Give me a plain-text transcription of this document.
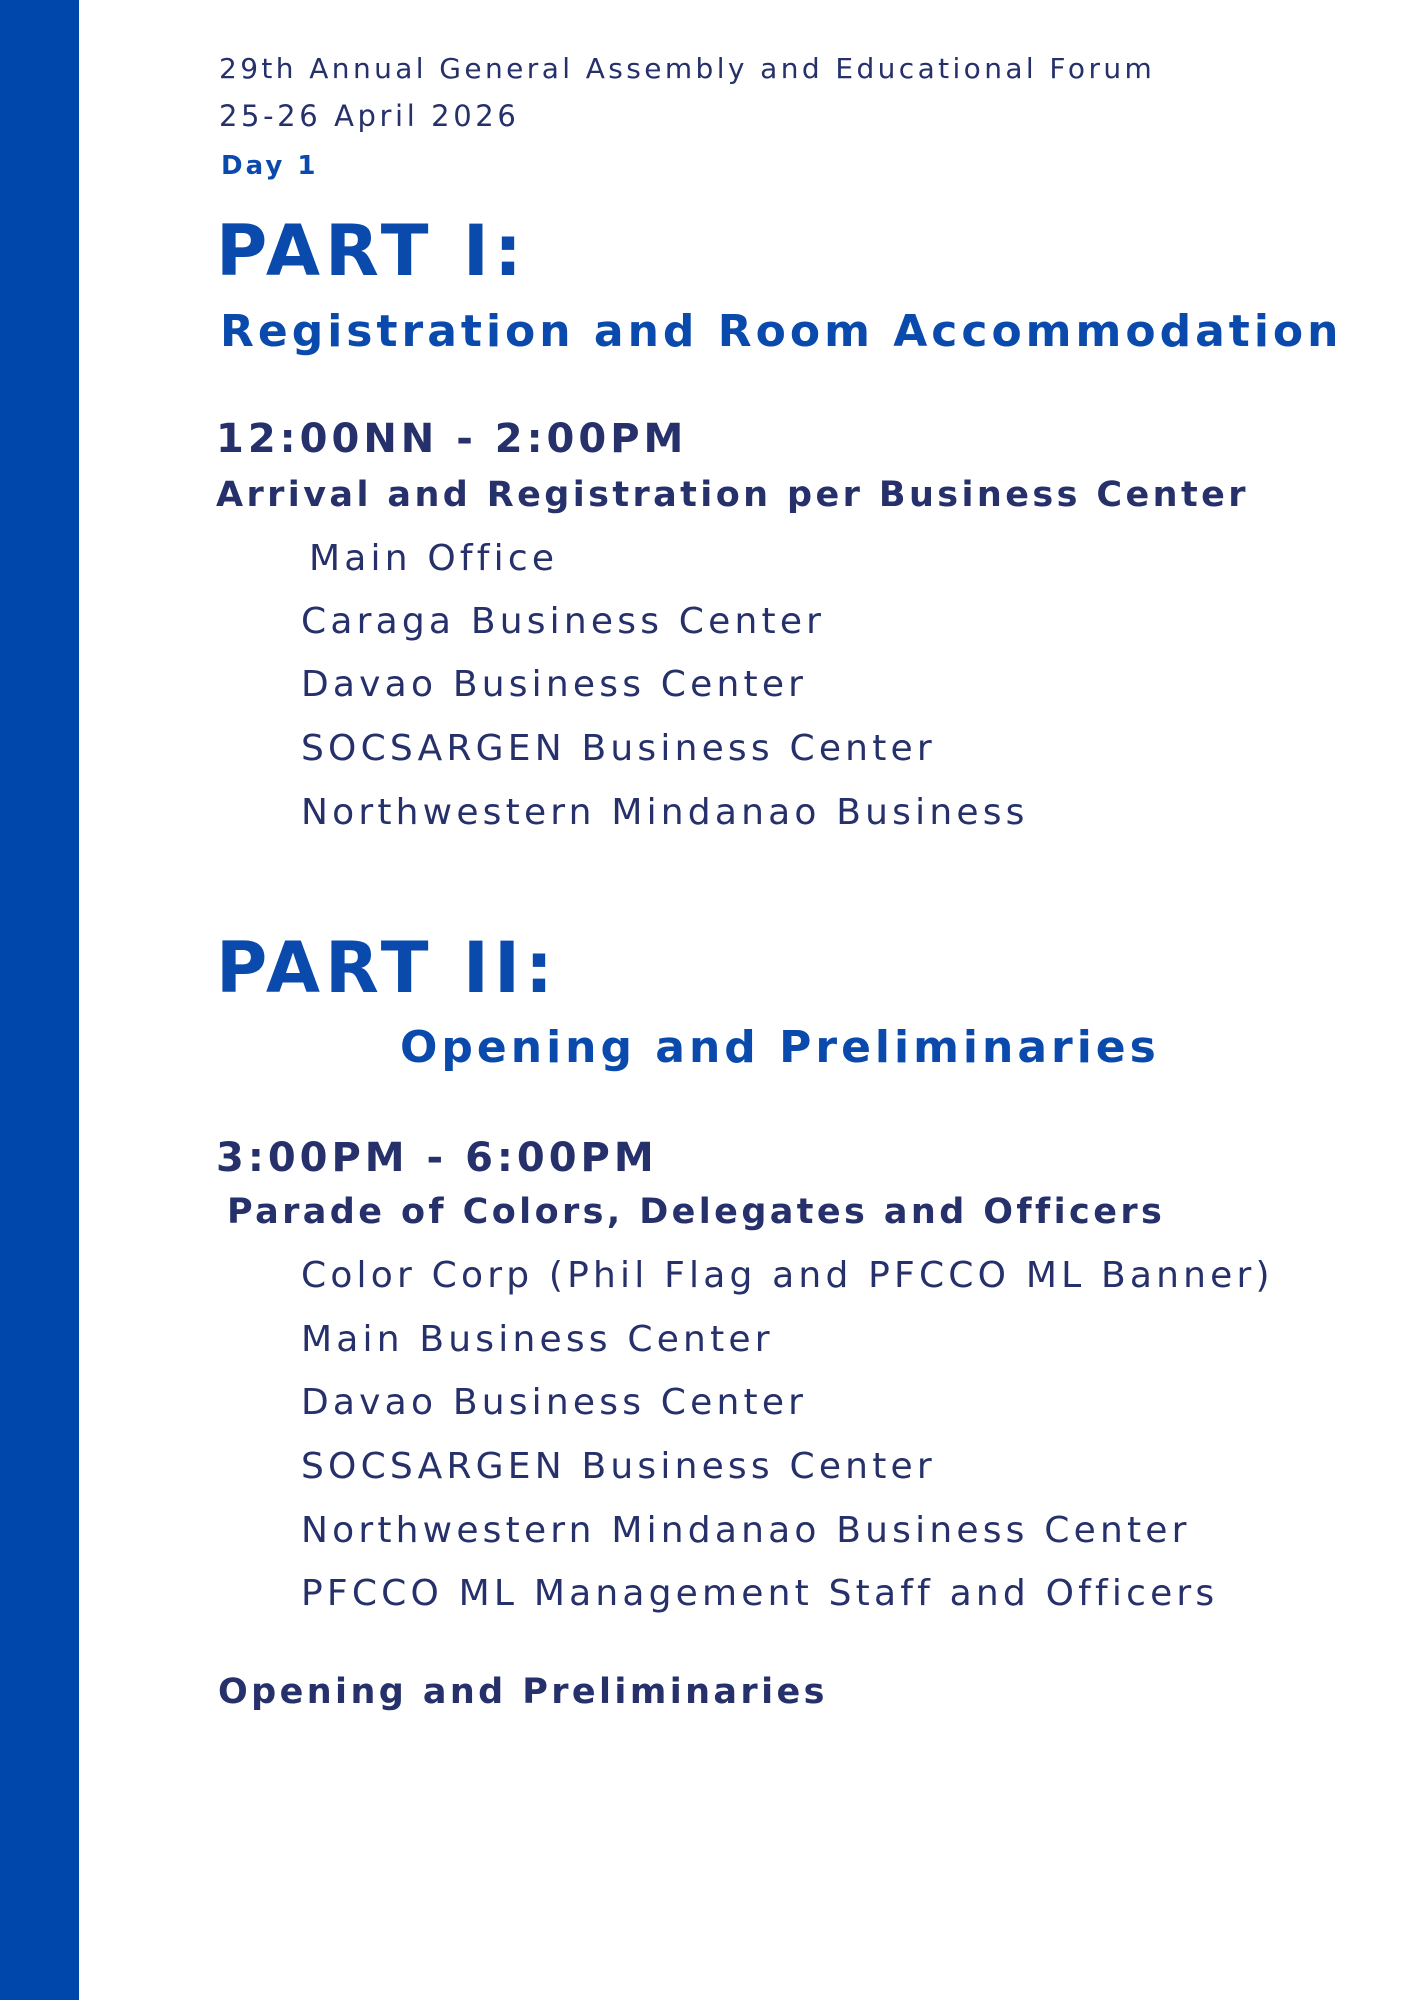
29th Annual General Assembly and Educational Forum

25-26 April 2026

Day 1

PART I:
Registration and Room Accommodation

12:00NN - 2:00PM

Arrival and Registration per Business Center

Main Office

Caraga Business Center

Davao Business Center

SOCSARGEN Business Center

Northwestern Mindanao Business

PART II:
Opening and Preliminaries

3:00PM - 6:00PM

Parade of Colors, Delegates and Officers

Color Corp (Phil Flag and PFCCO ML Banner)

Main Business Center

Davao Business Center

SOCSARGEN Business Center

Northwestern Mindanao Business Center

PFCCO ML Management Staff and Officers

Opening and Preliminaries
